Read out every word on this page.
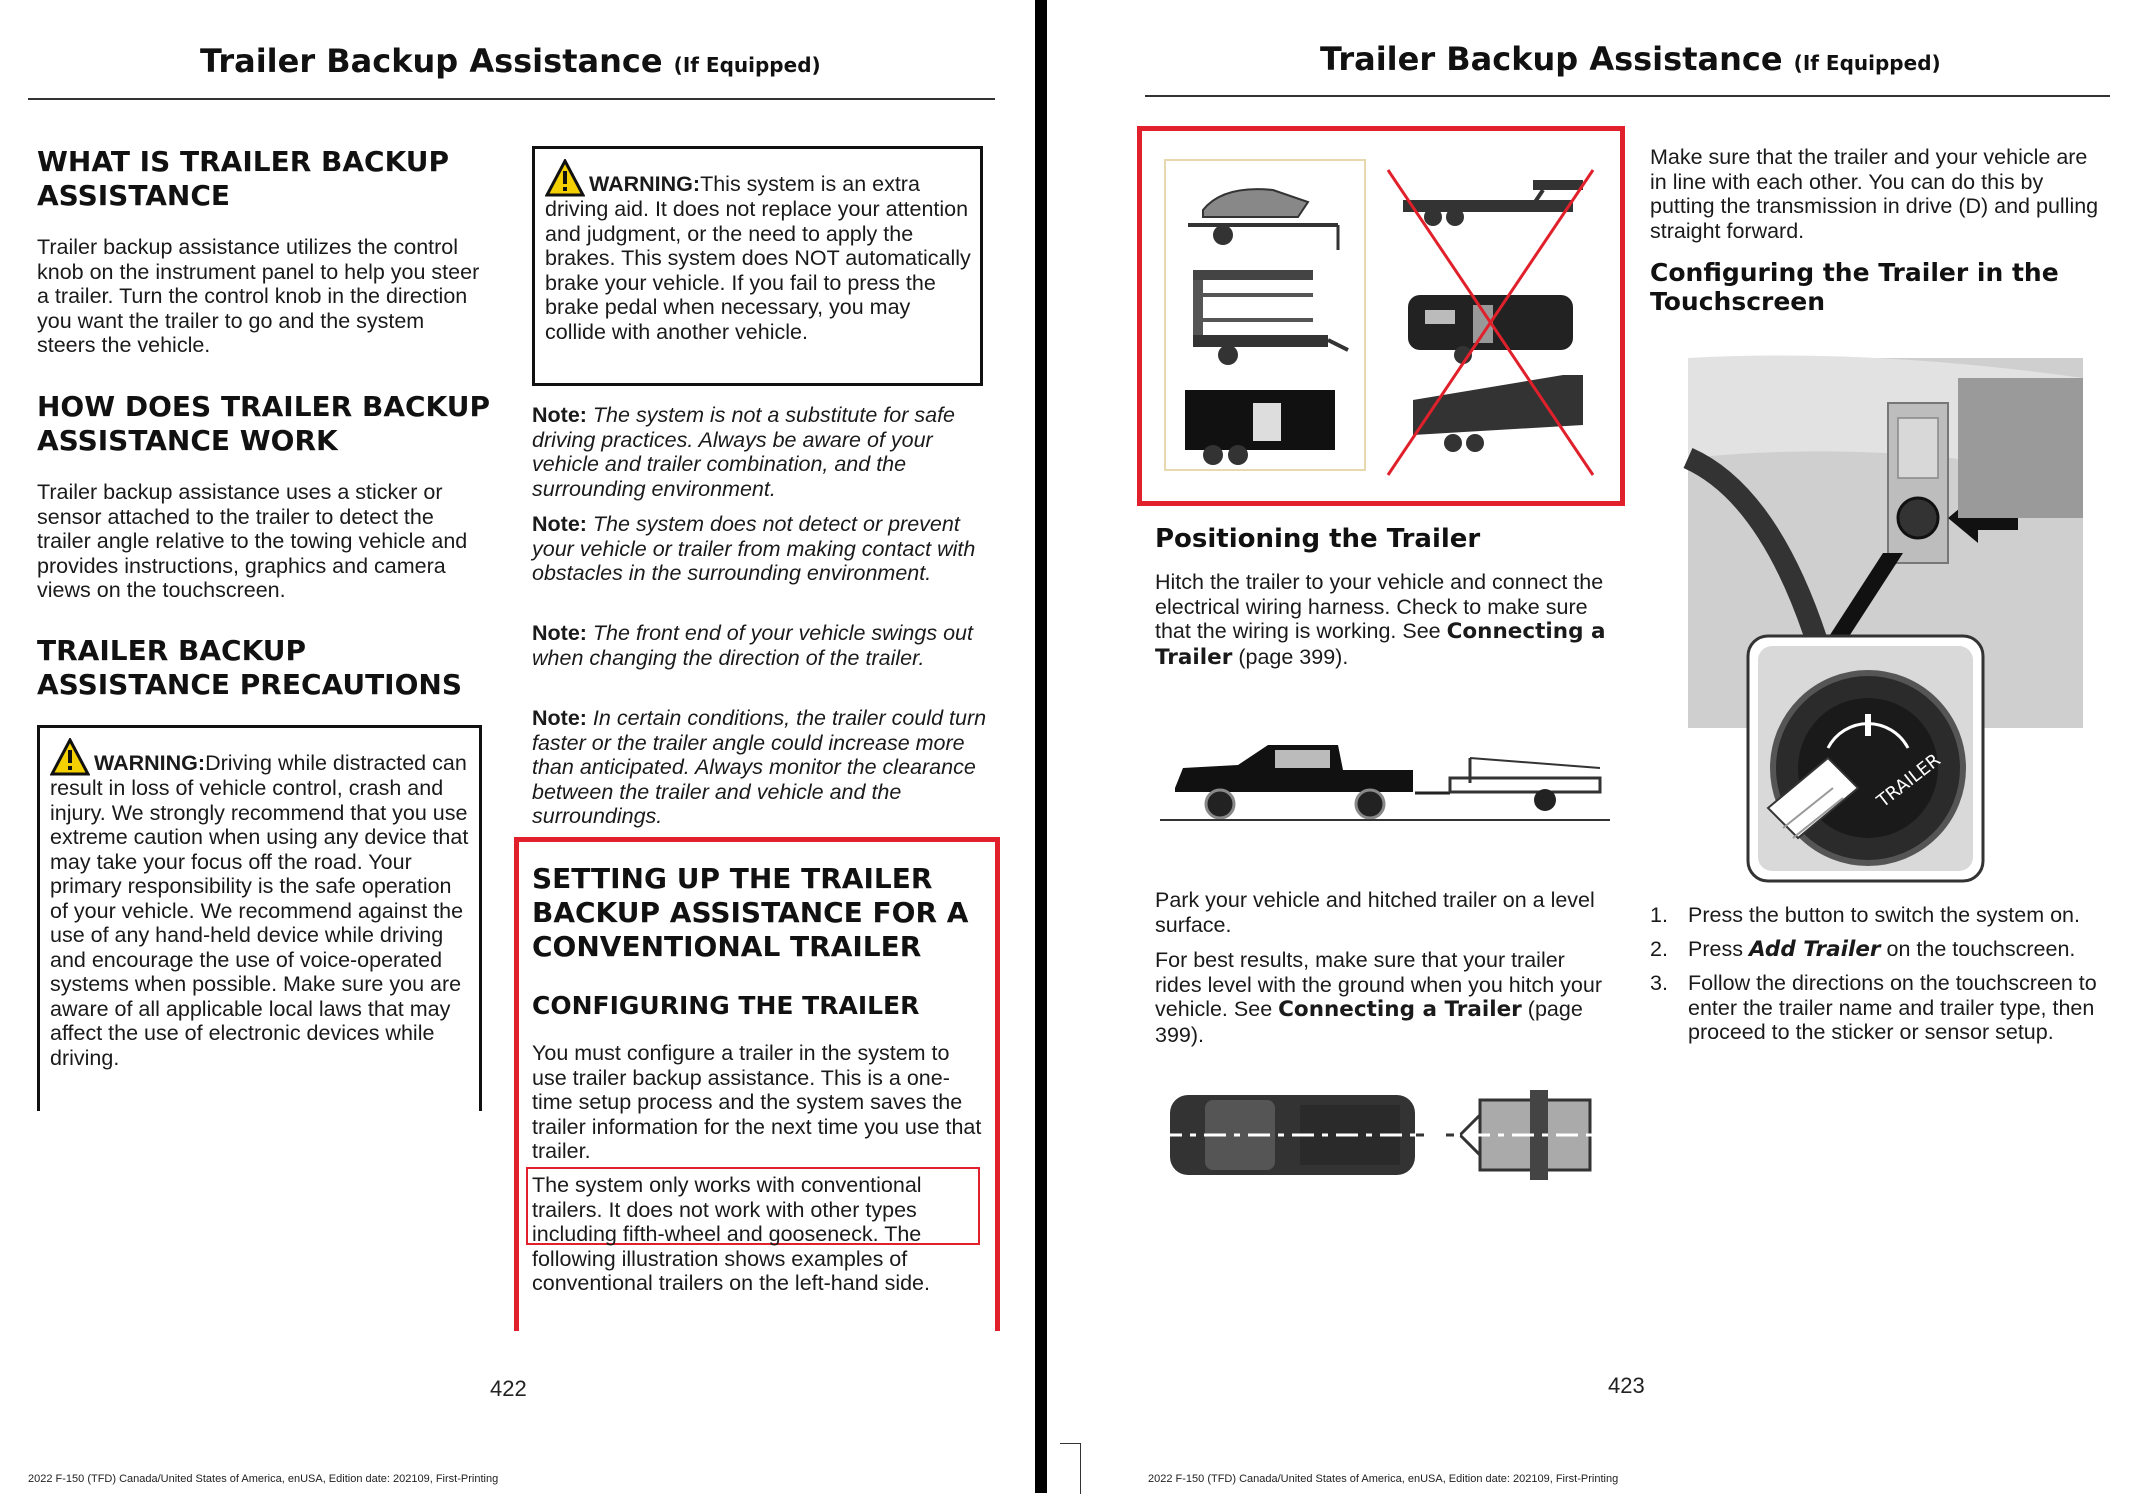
Trailer Backup Assistance (If Equipped)
WHAT IS TRAILER BACKUP ASSISTANCE
Trailer backup assistance utilizes the control knob on the instrument panel to help you steer a trailer. Turn the control knob in the direction you want the trailer to go and the system steers the vehicle.
HOW DOES TRAILER BACKUP ASSISTANCE WORK
Trailer backup assistance uses a sticker or sensor attached to the trailer to detect the trailer angle relative to the towing vehicle and provides instructions, graphics and camera views on the touchscreen.
TRAILER BACKUP ASSISTANCE PRECAUTIONS
WARNING:Driving while distracted can result in loss of vehicle control, crash and injury. We strongly recommend that you use extreme caution when using any device that may take your focus off the road. Your primary responsibility is the safe operation of your vehicle. We recommend against the use of any hand-held device while driving and encourage the use of voice-operated systems when possible. Make sure you are aware of all applicable local laws that may affect the use of electronic devices while driving.
WARNING:This system is an extra driving aid. It does not replace your attention and judgment, or the need to apply the brakes. This system does NOT automatically brake your vehicle. If you fail to press the brake pedal when necessary, you may collide with another vehicle.
Note: The system is not a substitute for safe driving practices. Always be aware of your vehicle and trailer combination, and the surrounding environment.
Note: The system does not detect or prevent your vehicle or trailer from making contact with obstacles in the surrounding environment.
Note: The front end of your vehicle swings out when changing the direction of the trailer.
Note: In certain conditions, the trailer could turn faster or the trailer angle could increase more than anticipated. Always monitor the clearance between the trailer and vehicle and the surroundings.
SETTING UP THE TRAILER BACKUP ASSISTANCE FOR A CONVENTIONAL TRAILER
CONFIGURING THE TRAILER
You must configure a trailer in the system to use trailer backup assistance. This is a one-time setup process and the system saves the trailer information for the next time you use that trailer.
The system only works with conventional trailers. It does not work with other types including fifth-wheel and gooseneck. The following illustration shows examples of conventional trailers on the left-hand side.
422
2022 F-150 (TFD) Canada/United States of America, enUSA, Edition date: 202109, First-Printing
Trailer Backup Assistance (If Equipped)
Positioning the Trailer
Hitch the trailer to your vehicle and connect the electrical wiring harness. Check to make sure that the wiring is working. See Connecting a Trailer (page 399).
Park your vehicle and hitched trailer on a level surface.
For best results, make sure that your trailer rides level with the ground when you hitch your vehicle. See Connecting a Trailer (page 399).
Make sure that the trailer and your vehicle are in line with each other. You can do this by putting the transmission in drive (D) and pulling straight forward.
Configuring the Trailer in the Touchscreen
TRAILER
1. Press the button to switch the system on.
2. Press Add Trailer on the touchscreen.
3. Follow the directions on the touchscreen to enter the trailer name and trailer type, then proceed to the sticker or sensor setup.
423
2022 F-150 (TFD) Canada/United States of America, enUSA, Edition date: 202109, First-Printing
